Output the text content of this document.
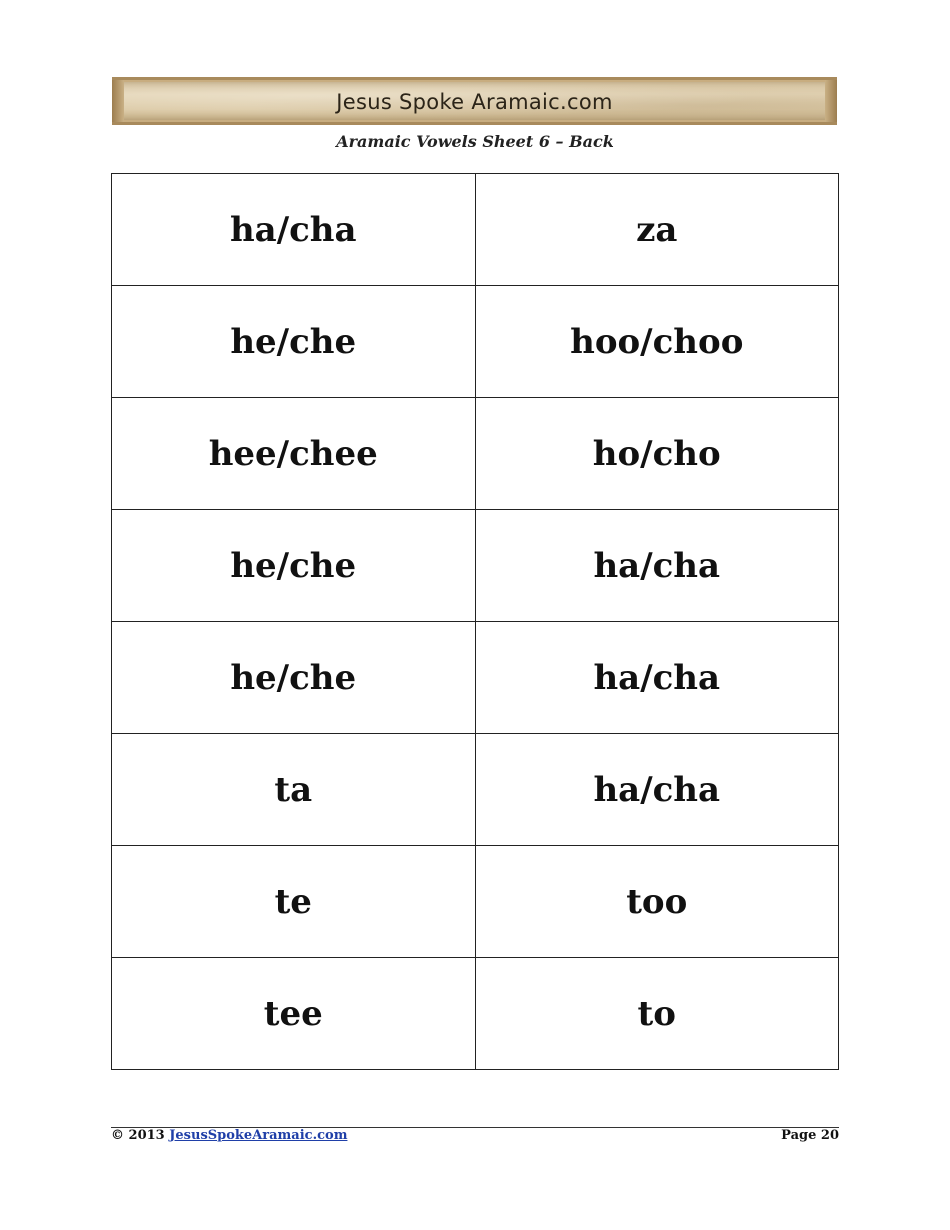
Jesus Spoke Aramaic.com
Aramaic Vowels Sheet 6 – Back
ha/cha	za
he/che	hoo/choo
hee/chee	ho/cho
he/che	ha/cha
he/che	ha/cha
ta	ha/cha
te	too
tee	to
© 2013 JesusSpokeAramaic.com	Page 20
